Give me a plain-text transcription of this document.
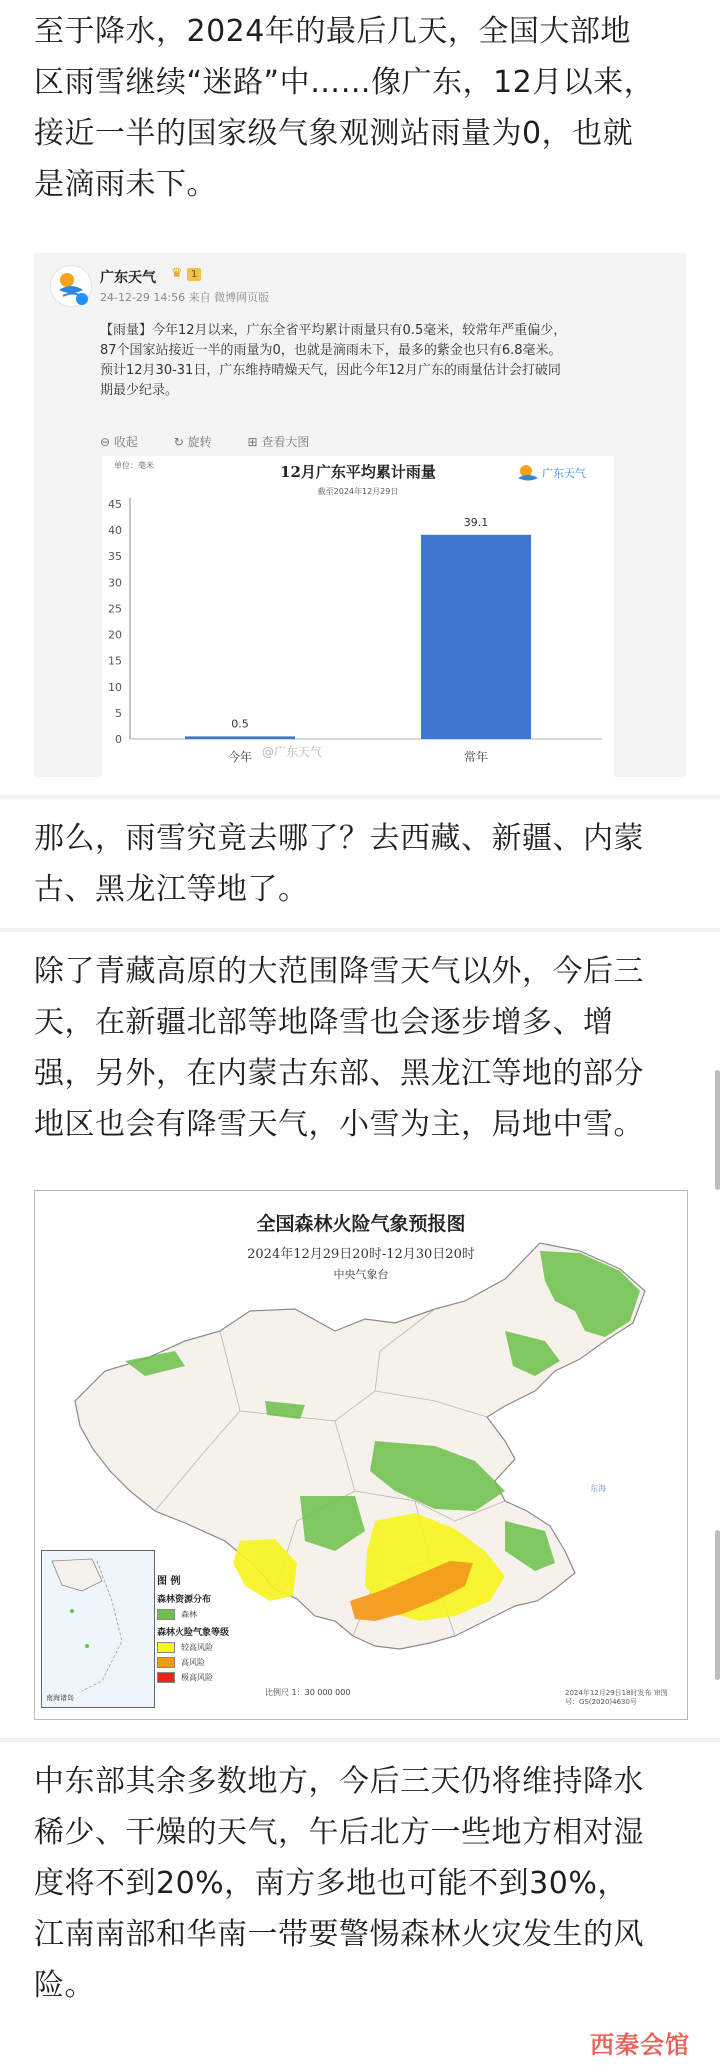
至于降水，2024年的最后几天，全国大部地
区雨雪继续“迷路”中……像广东，12月以来，
接近一半的国家级气象观测站雨量为0，也就
是滴雨未下。

广东天气 ♛ 1
24-12-29 14:56 来自 微博网页版
【雨量】今年12月以来，广东全省平均累计雨量只有0.5毫米，较常年严重偏少，
87个国家站接近一半的雨量为0，也就是滴雨未下，最多的紫金也只有6.8毫米。
预计12月30-31日，广东维持晴燥天气，因此今年12月广东的雨量估计会打破同
期最少纪录。
⊖ 收起	↻ 旋转	⊞ 查看大图
12月广东平均累计雨量
截至2024年12月29日
单位：毫米
广东天气
0
5
10
15
20
25
30
35
40
45
0.5
今年
39.1
常年
@广东天气

那么，雨雪究竟去哪了？去西藏、新疆、内蒙
古、黑龙江等地了。

除了青藏高原的大范围降雪天气以外，今后三
天，在新疆北部等地降雪也会逐步增多、增
强，另外，在内蒙古东部、黑龙江等地的部分
地区也会有降雪天气，小雪为主，局地中雪。

东海
全国森林火险气象预报图
2024年12月29日20时-12月30日20时
中央气象台
南海诸岛
图 例
森林资源分布
森林
森林火险气象等级
较高风险
高风险
极高风险
比例尺 1：30 000 000	2024年12月29日18时发布 审图号：GS(2020)4630号

中东部其余多数地方，今后三天仍将维持降水
稀少、干燥的天气，午后北方一些地方相对湿
度将不到20%，南方多地也可能不到30%，
江南南部和华南一带要警惕森林火灾发生的风
险。

西秦会馆
